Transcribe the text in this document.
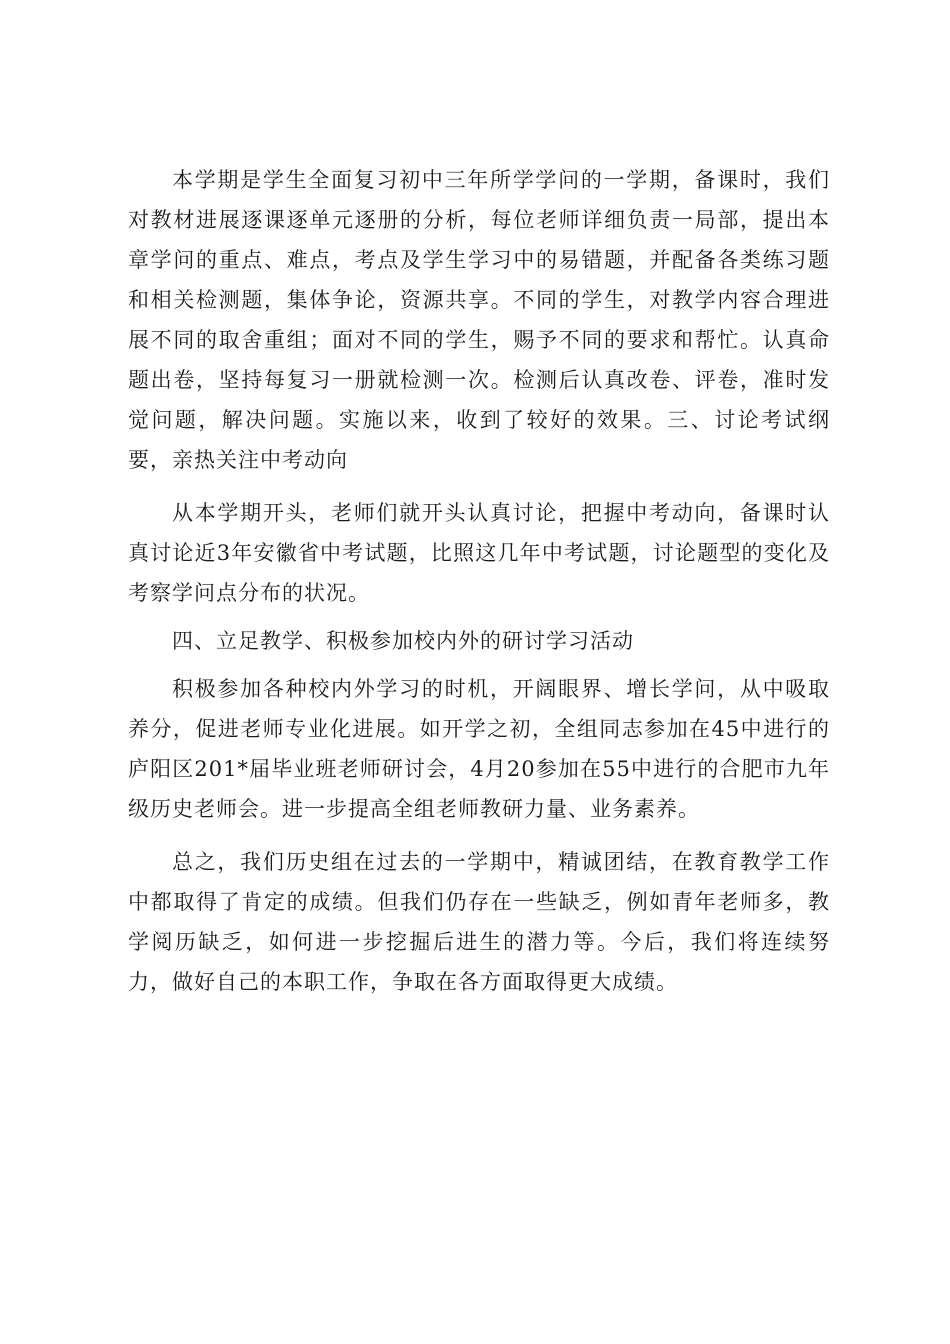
本学期是学生全面复习初中三年所学学问的一学期，备课时，我们对教材进展逐课逐单元逐册的分析，每位老师详细负责一局部，提出本章学问的重点、难点，考点及学生学习中的易错题，并配备各类练习题和相关检测题，集体争论，资源共享。不同的学生，对教学内容合理进展不同的取舍重组；面对不同的学生，赐予不同的要求和帮忙。认真命题出卷，坚持每复习一册就检测一次。检测后认真改卷、评卷，准时发觉问题，解决问题。实施以来，收到了较好的效果。三、讨论考试纲要，亲热关注中考动向

从本学期开头，老师们就开头认真讨论，把握中考动向，备课时认真讨论近3年安徽省中考试题，比照这几年中考试题，讨论题型的变化及考察学问点分布的状况。

四、立足教学、积极参加校内外的研讨学习活动

积极参加各种校内外学习的时机，开阔眼界、增长学问，从中吸取养分，促进老师专业化进展。如开学之初，全组同志参加在45中进行的庐阳区201*届毕业班老师研讨会，4月20参加在55中进行的合肥市九年级历史老师会。进一步提高全组老师教研力量、业务素养。

总之，我们历史组在过去的一学期中，精诚团结，在教育教学工作中都取得了肯定的成绩。但我们仍存在一些缺乏，例如青年老师多，教学阅历缺乏，如何进一步挖掘后进生的潜力等。今后，我们将连续努力，做好自己的本职工作，争取在各方面取得更大成绩。
